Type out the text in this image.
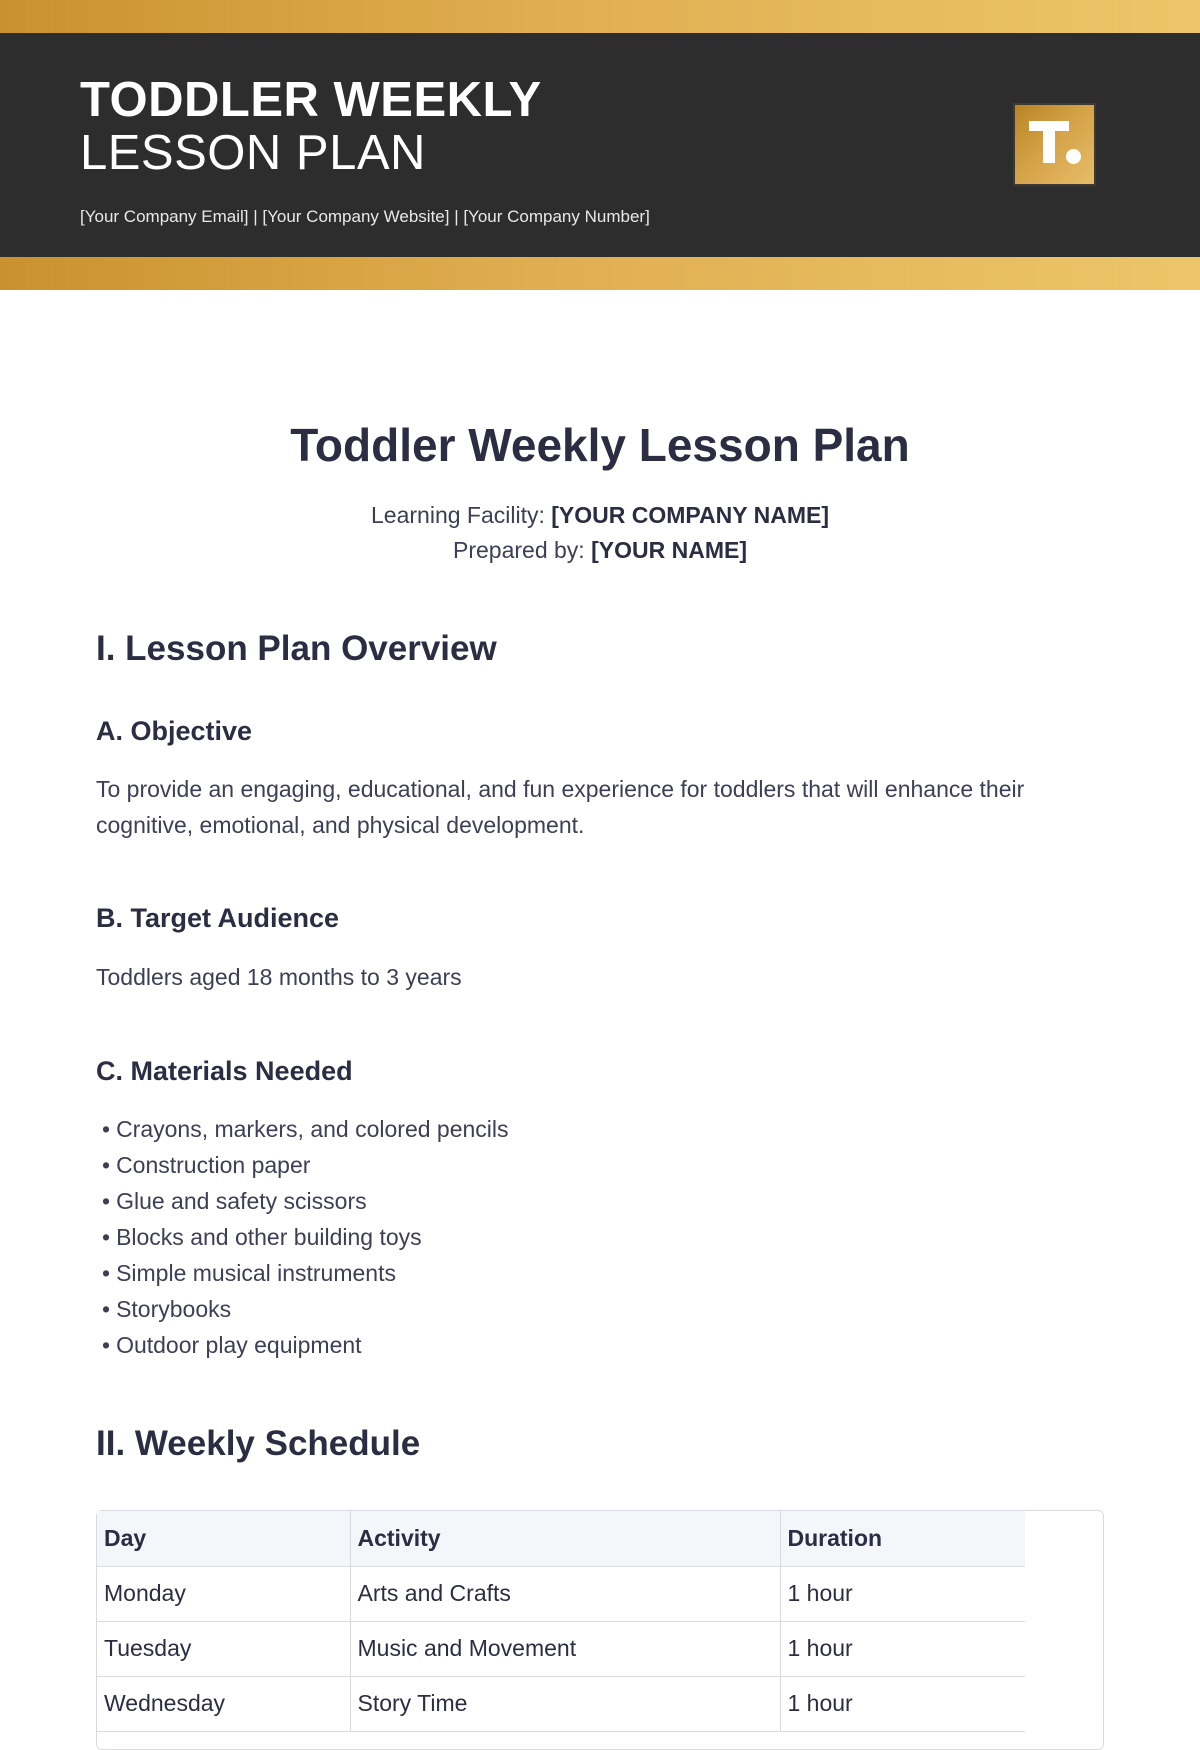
TODDLER WEEKLY
LESSON PLAN
[Your Company Email] | [Your Company Website] | [Your Company Number]
Toddler Weekly Lesson Plan
Learning Facility: [YOUR COMPANY NAME]
Prepared by: [YOUR NAME]
I. Lesson Plan Overview
A. Objective
To provide an engaging, educational, and fun experience for toddlers that will enhance their cognitive, emotional, and physical development.
B. Target Audience
Toddlers aged 18 months to 3 years
C. Materials Needed
• Crayons, markers, and colored pencils
• Construction paper
• Glue and safety scissors
• Blocks and other building toys
• Simple musical instruments
• Storybooks
• Outdoor play equipment
II. Weekly Schedule
Day	Activity	Duration
Monday	Arts and Crafts	1 hour
Tuesday	Music and Movement	1 hour
Wednesday	Story Time	1 hour
